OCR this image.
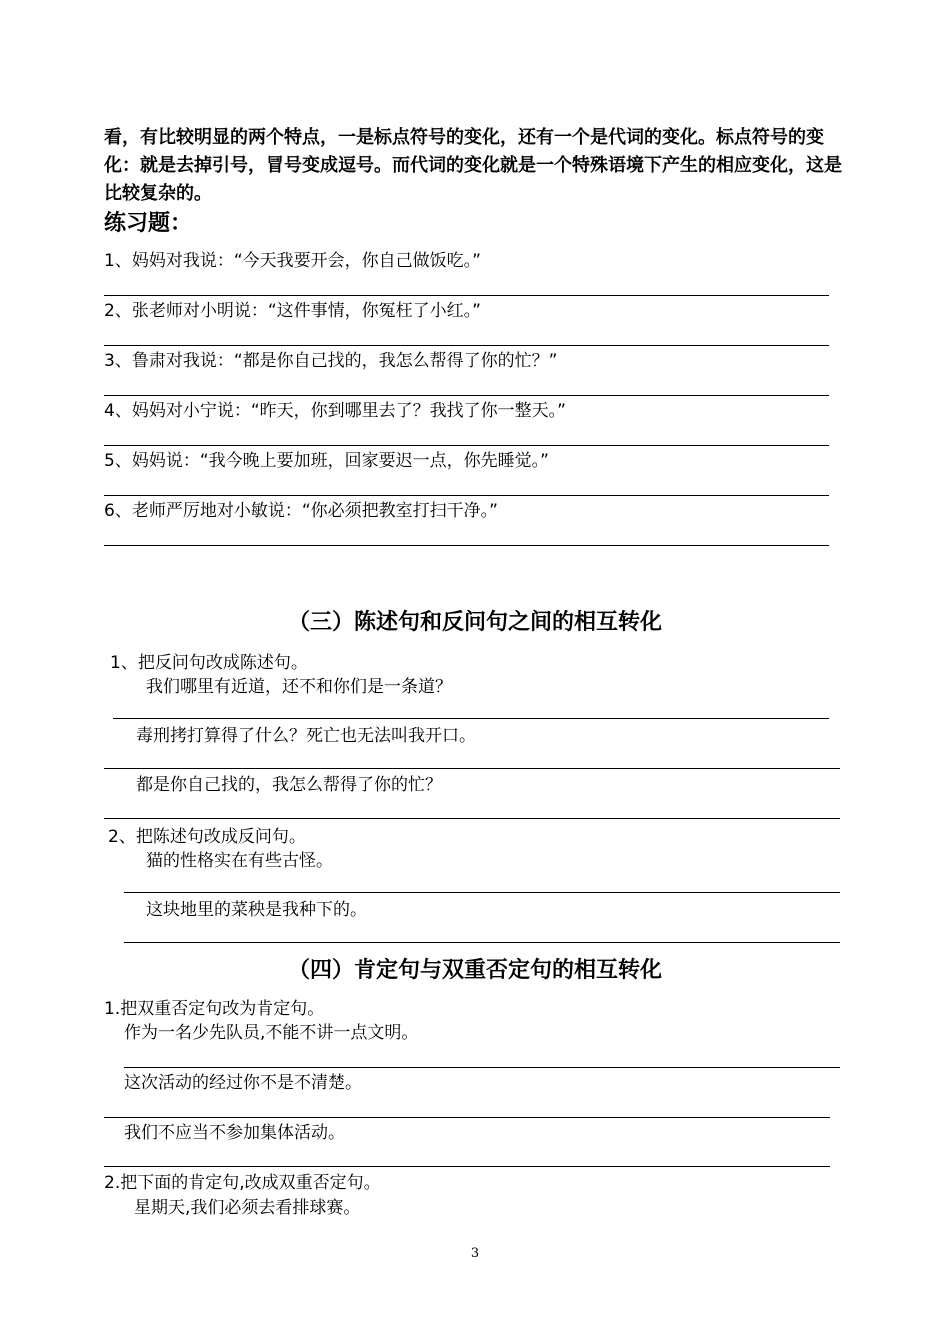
看，有比较明显的两个特点，一是标点符号的变化，还有一个是代词的变化。标点符号的变化：就是去掉引号，冒号变成逗号。而代词的变化就是一个特殊语境下产生的相应变化，这是比较复杂的。
练习题：
1、妈妈对我说：“今天我要开会，你自己做饭吃。”
2、张老师对小明说：“这件事情，你冤枉了小红。”
3、鲁肃对我说：“都是你自己找的，我怎么帮得了你的忙？”
4、妈妈对小宁说：“昨天，你到哪里去了？我找了你一整天。”
5、妈妈说：“我今晚上要加班，回家要迟一点，你先睡觉。”
6、老师严厉地对小敏说：“你必须把教室打扫干净。”
（三）陈述句和反问句之间的相互转化
1、把反问句改成陈述句。
我们哪里有近道，还不和你们是一条道？
毒刑拷打算得了什么？死亡也无法叫我开口。
都是你自己找的，我怎么帮得了你的忙？
2、把陈述句改成反问句。
猫的性格实在有些古怪。
这块地里的菜秧是我种下的。
（四）肯定句与双重否定句的相互转化
1.把双重否定句改为肯定句。
作为一名少先队员,不能不讲一点文明。
这次活动的经过你不是不清楚。
我们不应当不参加集体活动。
2.把下面的肯定句,改成双重否定句。
星期天,我们必须去看排球赛。
3
